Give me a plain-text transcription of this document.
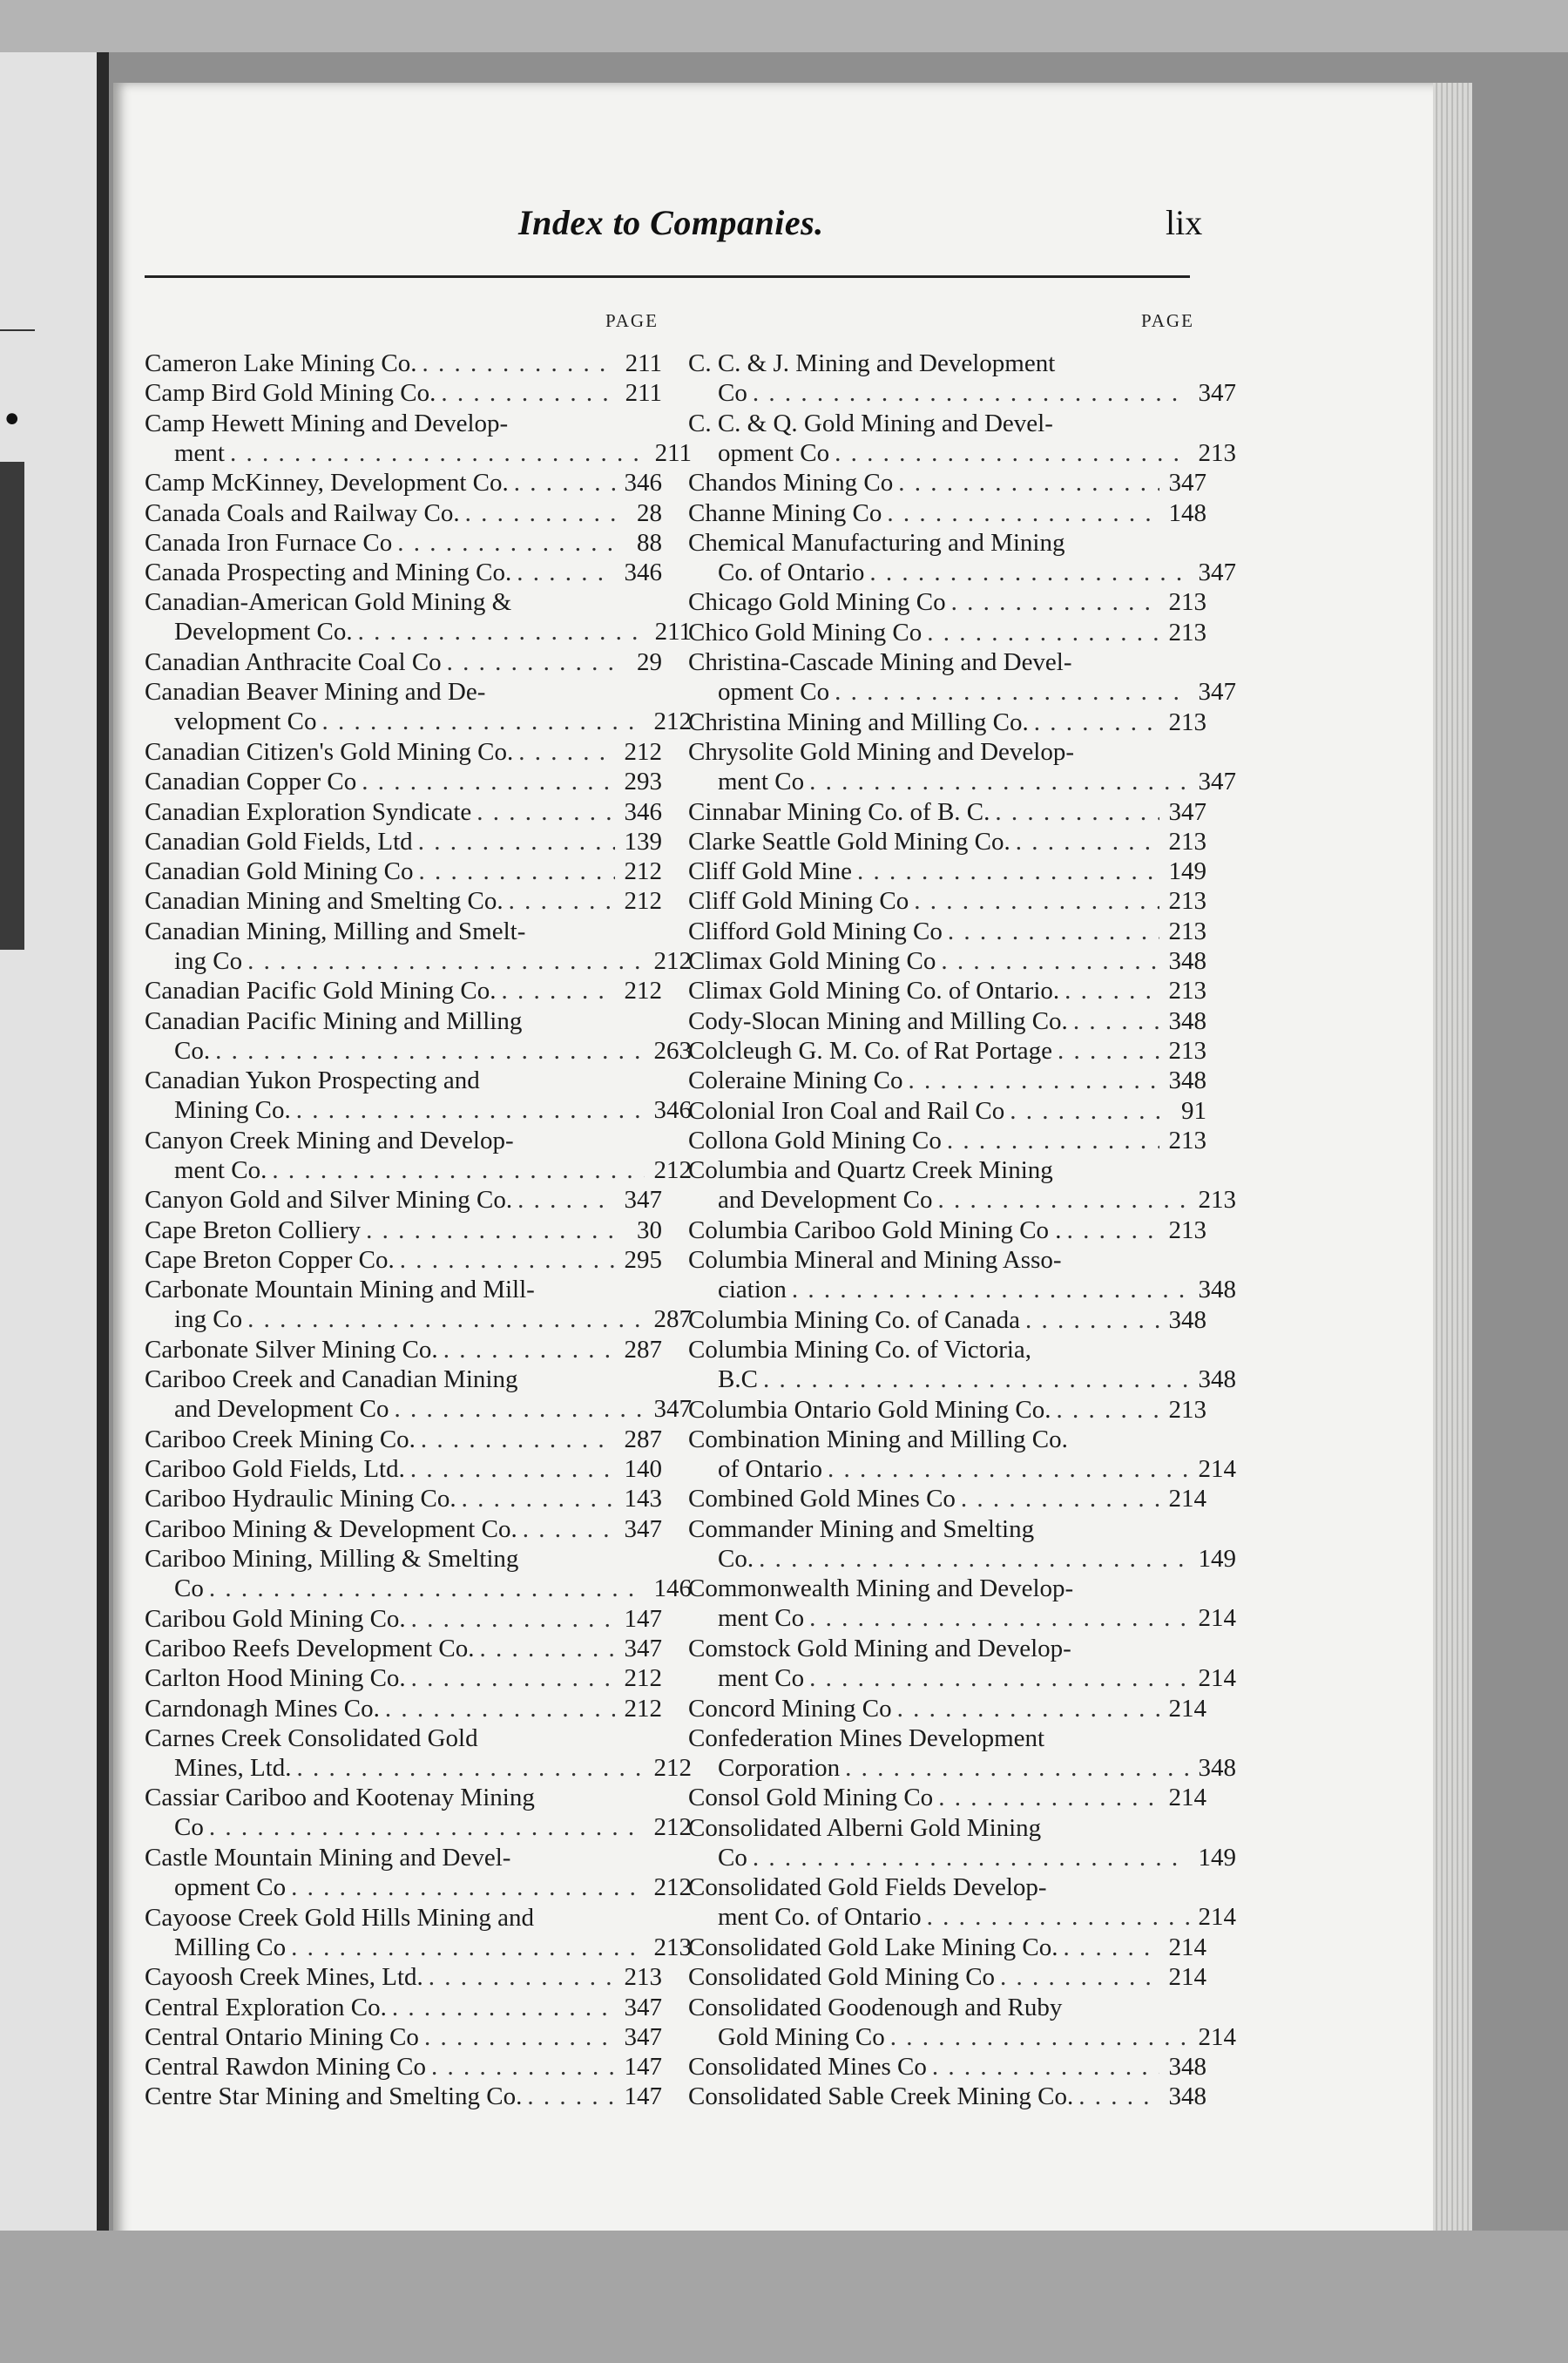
.
Index to Companies.	lix
PAGE	PAGE
Cameron Lake Mining Co. . . .	211
Camp Bird Gold Mining Co. . . .	211
Camp Hewett Mining and Develop-
ment . . .	211
Camp McKinney, Development Co. . . .	346
Canada Coals and Railway Co. . . .	28
Canada Iron Furnace Co . . .	88
Canada Prospecting and Mining Co. . . .	346
Canadian-American Gold Mining &
Development Co. . . .	211
Canadian Anthracite Coal Co . . .	29
Canadian Beaver Mining and De-
velopment Co . . .	212
Canadian Citizen's Gold Mining Co. . . .	212
Canadian Copper Co . . .	293
Canadian Exploration Syndicate . . .	346
Canadian Gold Fields, Ltd . . .	139
Canadian Gold Mining Co . . .	212
Canadian Mining and Smelting Co. . . .	212
Canadian Mining, Milling and Smelt-
ing Co . . .	212
Canadian Pacific Gold Mining Co. . . .	212
Canadian Pacific Mining and Milling
Co. . . .	263
Canadian Yukon Prospecting and
Mining Co. . . .	346
Canyon Creek Mining and Develop-
ment Co. . . .	212
Canyon Gold and Silver Mining Co. . . .	347
Cape Breton Colliery . . .	30
Cape Breton Copper Co. . . .	295
Carbonate Mountain Mining and Mill-
ing Co . . .	287
Carbonate Silver Mining Co. . . .	287
Cariboo Creek and Canadian Mining
and Development Co . . .	347
Cariboo Creek Mining Co. . . .	287
Cariboo Gold Fields, Ltd. . . .	140
Cariboo Hydraulic Mining Co. . . .	143
Cariboo Mining & Development Co. . . .	347
Cariboo Mining, Milling & Smelting
Co . . .	146
Caribou Gold Mining Co. . . .	147
Cariboo Reefs Development Co. . . .	347
Carlton Hood Mining Co. . . .	212
Carndonagh Mines Co. . . .	212
Carnes Creek Consolidated Gold
Mines, Ltd. . . .	212
Cassiar Cariboo and Kootenay Mining
Co . . .	212
Castle Mountain Mining and Devel-
opment Co . . .	212
Cayoose Creek Gold Hills Mining and
Milling Co . . .	213
Cayoosh Creek Mines, Ltd. . . .	213
Central Exploration Co. . . .	347
Central Ontario Mining Co . . .	347
Central Rawdon Mining Co . . .	147
Centre Star Mining and Smelting Co. . . .	147
C. C. & J. Mining and Development
Co . . .	347
C. C. & Q. Gold Mining and Devel-
opment Co . . .	213
Chandos Mining Co . . .	347
Channe Mining Co . . .	148
Chemical Manufacturing and Mining
Co. of Ontario . . .	347
Chicago Gold Mining Co . . .	213
Chico Gold Mining Co . . .	213
Christina-Cascade Mining and Devel-
opment Co . . .	347
Christina Mining and Milling Co. . . .	213
Chrysolite Gold Mining and Develop-
ment Co . . .	347
Cinnabar Mining Co. of B. C. . . .	347
Clarke Seattle Gold Mining Co. . . .	213
Cliff Gold Mine . . .	149
Cliff Gold Mining Co . . .	213
Clifford Gold Mining Co . . .	213
Climax Gold Mining Co . . .	348
Climax Gold Mining Co. of Ontario. . . .	213
Cody-Slocan Mining and Milling Co. . . .	348
Colcleugh G. M. Co. of Rat Portage . . .	213
Coleraine Mining Co . . .	348
Colonial Iron Coal and Rail Co . . .	91
Collona Gold Mining Co . . .	213
Columbia and Quartz Creek Mining
and Development Co . . .	213
Columbia Cariboo Gold Mining Co . . . .	213
Columbia Mineral and Mining Asso-
ciation . . .	348
Columbia Mining Co. of Canada . . .	348
Columbia Mining Co. of Victoria,
B.C . . .	348
Columbia Ontario Gold Mining Co. . . .	213
Combination Mining and Milling Co.
of Ontario . . .	214
Combined Gold Mines Co . . .	214
Commander Mining and Smelting
Co. . . .	149
Commonwealth Mining and Develop-
ment Co . . .	214
Comstock Gold Mining and Develop-
ment Co . . .	214
Concord Mining Co . . .	214
Confederation Mines Development
Corporation . . .	348
Consol Gold Mining Co . . .	214
Consolidated Alberni Gold Mining
Co . . .	149
Consolidated Gold Fields Develop-
ment Co. of Ontario . . .	214
Consolidated Gold Lake Mining Co. . . .	214
Consolidated Gold Mining Co . . .	214
Consolidated Goodenough and Ruby
Gold Mining Co . . .	214
Consolidated Mines Co . . .	348
Consolidated Sable Creek Mining Co. . . .	348
